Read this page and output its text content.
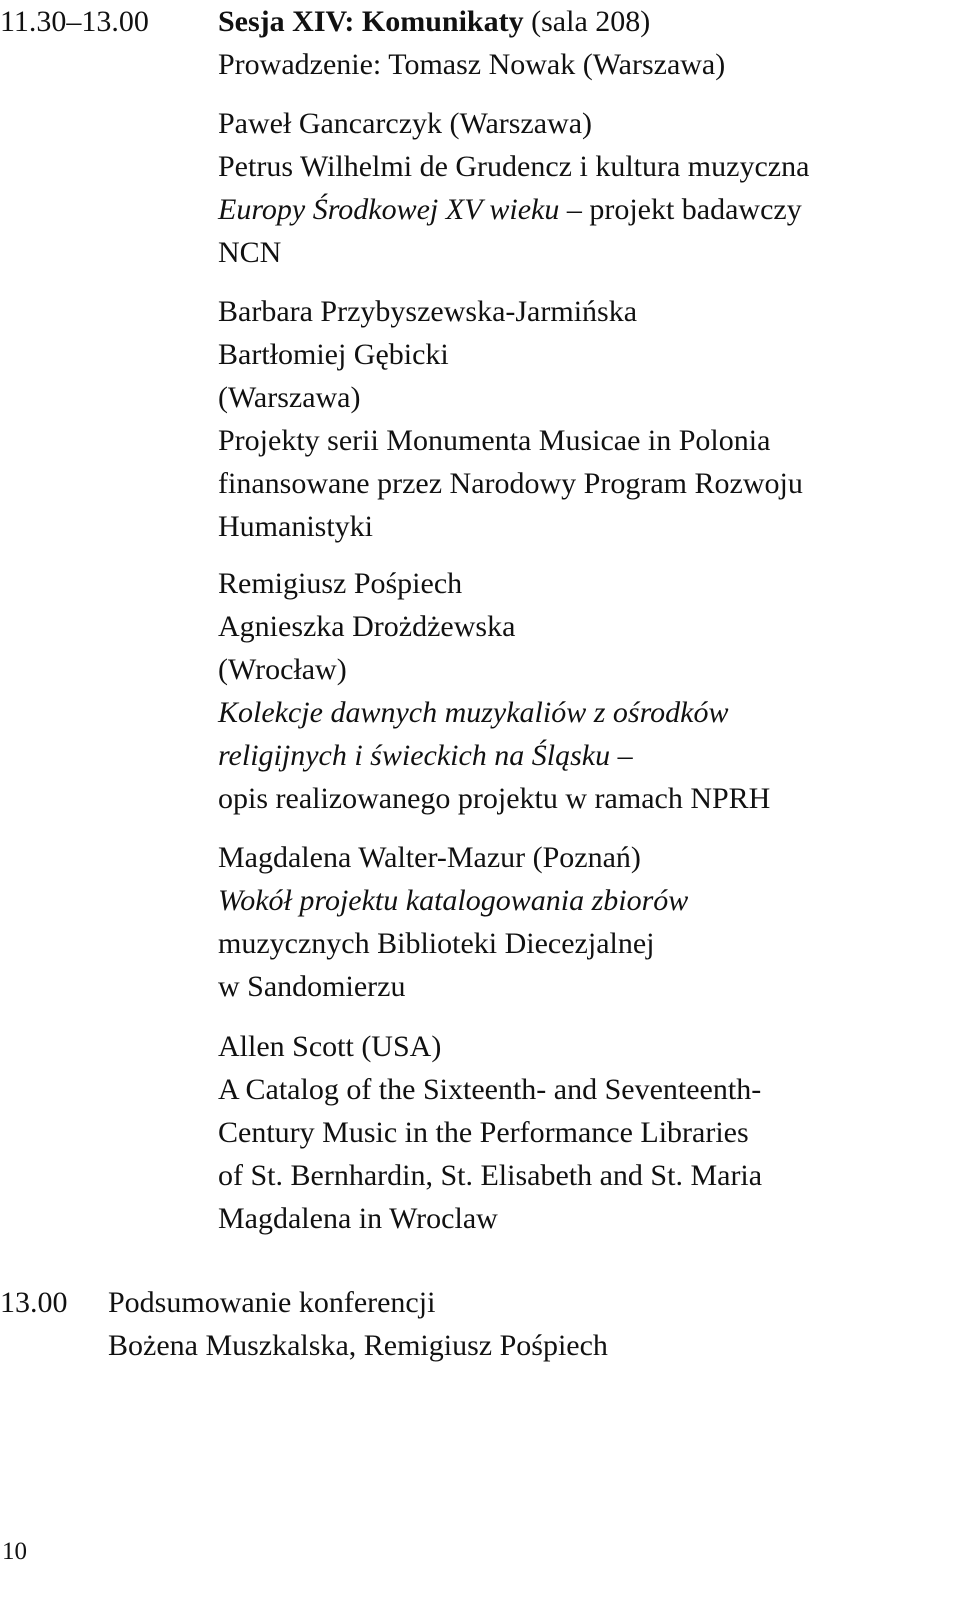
11.30–13.00 Sesja XIV: Komunikaty (sala 208)
Prowadzenie: Tomasz Nowak (Warszawa)
Paweł Gancarczyk (Warszawa)
Petrus Wilhelmi de Grudencz i kultura muzyczna
Europy Środkowej XV wieku – projekt badawczy
NCN
Barbara Przybyszewska-Jarmińska
Bartłomiej Gębicki
(Warszawa)
Projekty serii Monumenta Musicae in Polonia
finansowane przez Narodowy Program Rozwoju
Humanistyki
Remigiusz Pośpiech
Agnieszka Drożdżewska
(Wrocław)
Kolekcje dawnych muzykaliów z ośrodków
religijnych i świeckich na Śląsku –
opis realizowanego projektu w ramach NPRH
Magdalena Walter-Mazur (Poznań)
Wokół projektu katalogowania zbiorów
muzycznych Biblioteki Diecezjalnej
w Sandomierzu
Allen Scott (USA)
A Catalog of the Sixteenth- and Seventeenth-
Century Music in the Performance Libraries
of St. Bernhardin, St. Elisabeth and St. Maria
Magdalena in Wroclaw
13.00 Podsumowanie konferencji
Bożena Muszkalska, Remigiusz Pośpiech
10
